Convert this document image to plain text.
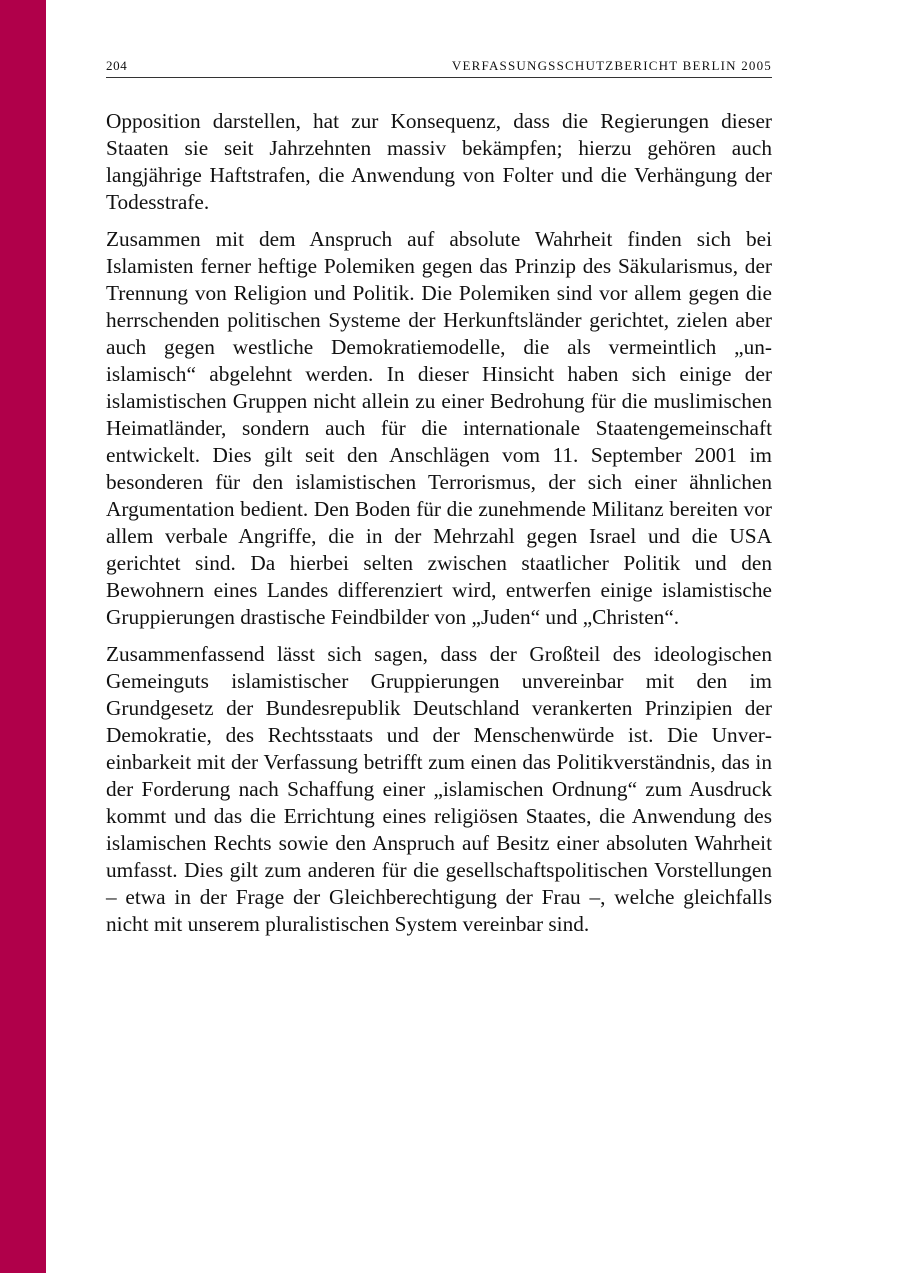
204	VERFASSUNGSSCHUTZBERICHT BERLIN 2005

Opposition darstellen, hat zur Konsequenz, dass die Regierungen dieser Staaten sie seit Jahrzehnten massiv bekämpfen; hierzu gehören auch langjährige Haftstrafen, die Anwendung von Folter und die Verhängung der Todesstrafe.

Zusammen mit dem Anspruch auf absolute Wahrheit finden sich bei Islamisten ferner heftige Polemiken gegen das Prinzip des Säkularismus, der Trennung von Religion und Politik. Die Polemiken sind vor allem gegen die herrschenden politischen Systeme der Herkunftsländer gerichtet, zielen aber auch gegen westliche Demokratiemodelle, die als vermeintlich „un-islamisch“ abgelehnt werden. In dieser Hinsicht haben sich einige der islamistischen Gruppen nicht allein zu einer Bedrohung für die muslimischen Heimatländer, sondern auch für die internationale Staatengemeinschaft entwickelt. Dies gilt seit den Anschlägen vom 11. September 2001 im besonderen für den islamistischen Terrorismus, der sich einer ähnlichen Argumentation bedient. Den Boden für die zunehmende Militanz bereiten vor allem verbale Angriffe, die in der Mehrzahl gegen Israel und die USA gerichtet sind. Da hierbei selten zwischen staatlicher Politik und den Bewohnern eines Landes differenziert wird, entwerfen einige islamistische Gruppierungen drastische Feindbilder von „Juden“ und „Christen“.

Zusammenfassend lässt sich sagen, dass der Großteil des ideologischen Gemeinguts islamistischer Gruppierungen unvereinbar mit den im Grundgesetz der Bundesrepublik Deutschland verankerten Prinzipien der Demokratie, des Rechtsstaats und der Menschenwürde ist. Die Unvereinbarkeit mit der Verfassung betrifft zum einen das Politikverständnis, das in der Forderung nach Schaffung einer „islamischen Ordnung“ zum Ausdruck kommt und das die Errichtung eines religiösen Staates, die Anwendung des islamischen Rechts sowie den Anspruch auf Besitz einer absoluten Wahrheit umfasst. Dies gilt zum anderen für die gesellschaftspolitischen Vorstellungen – etwa in der Frage der Gleichberechtigung der Frau –, welche gleichfalls nicht mit unserem pluralistischen System vereinbar sind.
